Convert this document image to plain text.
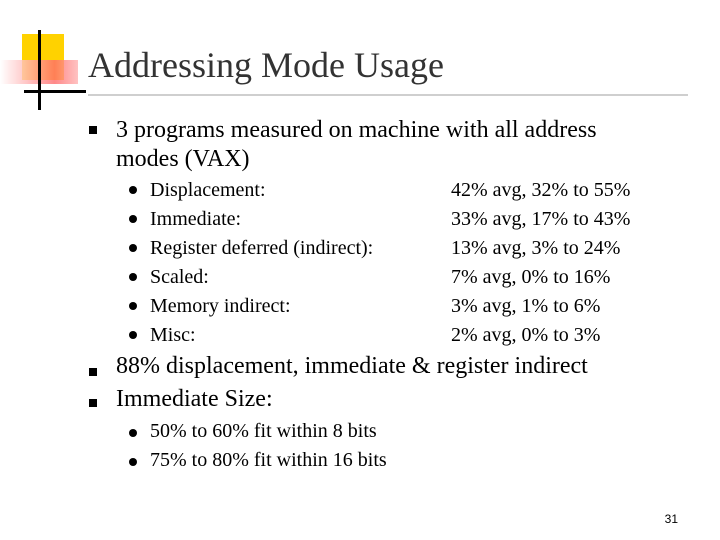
Addressing Mode Usage
3 programs measured on machine with all address
modes (VAX)
Displacement:	42% avg, 32% to 55%
Immediate:	33% avg, 17% to 43%
Register deferred (indirect):	13% avg, 3% to 24%
Scaled:	7% avg, 0% to 16%
Memory indirect:	3% avg, 1% to 6%
Misc:	2% avg, 0% to 3%
88% displacement, immediate & register indirect
Immediate Size:
50% to 60% fit within 8 bits
75% to 80% fit within 16 bits
31
